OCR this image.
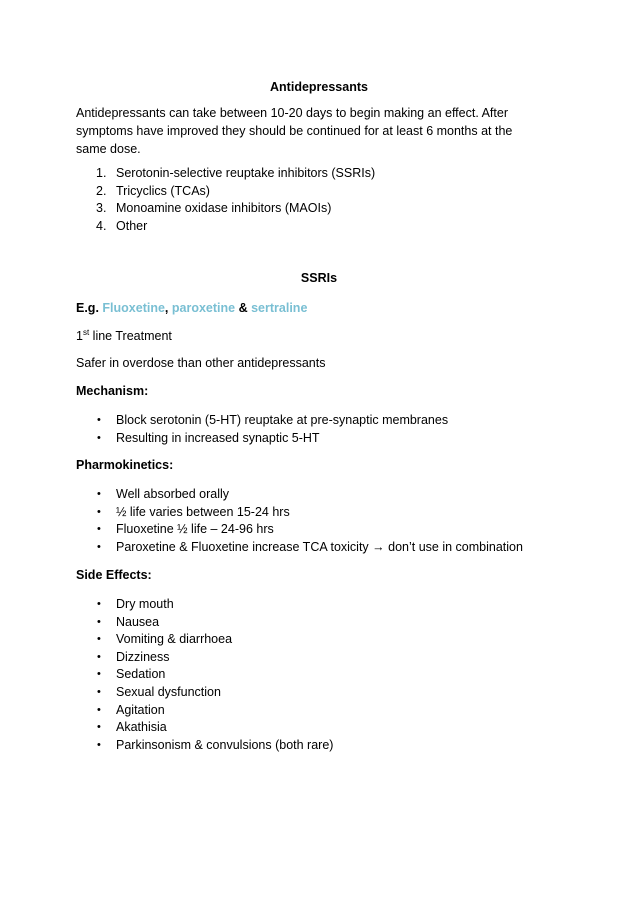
Antidepressants
Antidepressants can take between 10-20 days to begin making an effect. After symptoms have improved they should be continued for at least 6 months at the same dose.
1. Serotonin-selective reuptake inhibitors (SSRIs)
2. Tricyclics (TCAs)
3. Monoamine oxidase inhibitors (MAOIs)
4. Other
SSRIs
E.g. Fluoxetine, paroxetine & sertraline
1st line Treatment
Safer in overdose than other antidepressants
Mechanism:
• Block serotonin (5-HT) reuptake at pre-synaptic membranes
• Resulting in increased synaptic 5-HT
Pharmokinetics:
• Well absorbed orally
• ½ life varies between 15-24 hrs
• Fluoxetine ½ life – 24-96 hrs
• Paroxetine & Fluoxetine increase TCA toxicity → don’t use in combination
Side Effects:
• Dry mouth
• Nausea
• Vomiting & diarrhoea
• Dizziness
• Sedation
• Sexual dysfunction
• Agitation
• Akathisia
• Parkinsonism & convulsions (both rare)
